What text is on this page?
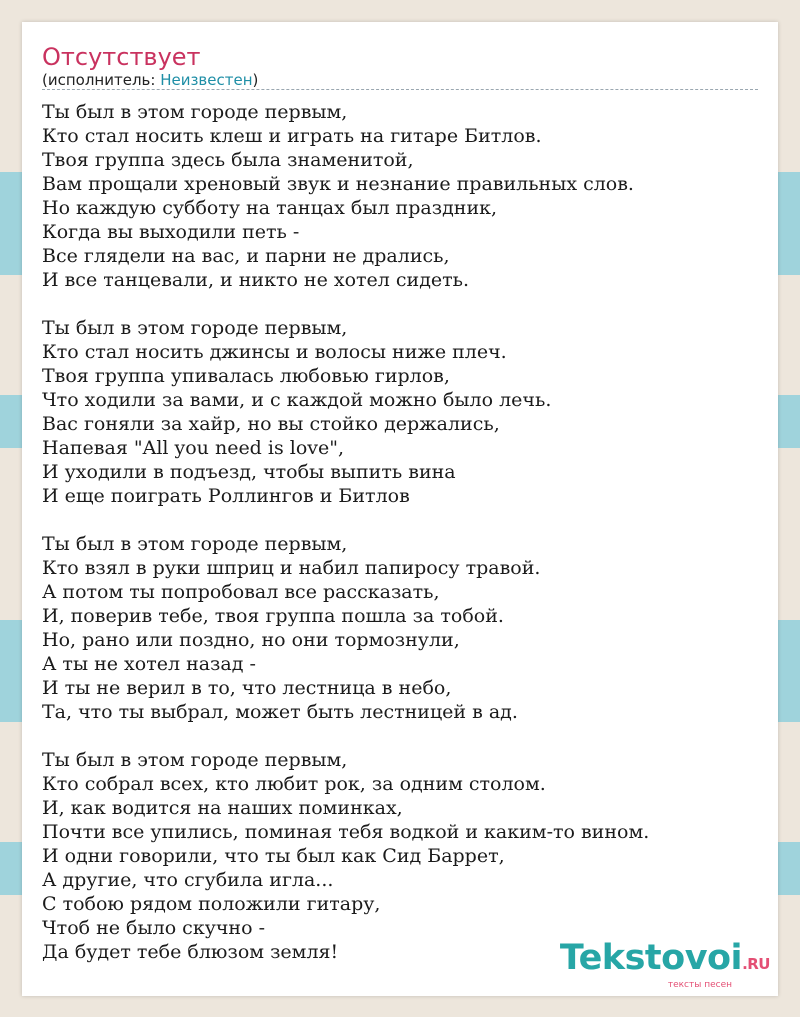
Отсутствует
(исполнитель: Неизвестен)
Ты был в этом городе первым,
Кто стал носить клеш и играть на гитаре Битлов.
Твоя группа здесь была знаменитой,
Вам прощали хреновый звук и незнание правильных слов.
Но каждую субботу на танцах был праздник,
Когда вы выходили петь -
Все глядели на вас, и парни не дрались,
И все танцевали, и никто не хотел сидеть.
Ты был в этом городе первым,
Кто стал носить джинсы и волосы ниже плеч.
Твоя группа упивалась любовью гирлов,
Что ходили за вами, и с каждой можно было лечь.
Вас гоняли за хайр, но вы стойко держались,
Напевая "All you need is love",
И уходили в подъезд, чтобы выпить вина
И еще поиграть Роллингов и Битлов
Ты был в этом городе первым,
Кто взял в руки шприц и набил папиросу травой.
А потом ты попробовал все рассказать,
И, поверив тебе, твоя группа пошла за тобой.
Но, рано или поздно, но они тормознули,
А ты не хотел назад -
И ты не верил в то, что лестница в небо,
Та, что ты выбрал, может быть лестницей в ад.
Ты был в этом городе первым,
Кто собрал всех, кто любит рок, за одним столом.
И, как водится на наших поминках,
Почти все упились, поминая тебя водкой и каким-то вином.
И одни говорили, что ты был как Сид Баррет,
А другие, что сгубила игла...
С тобою рядом положили гитару,
Чтоб не было скучно -
Да будет тебе блюзом земля!	Tekstovoi.RU
тексты песен
